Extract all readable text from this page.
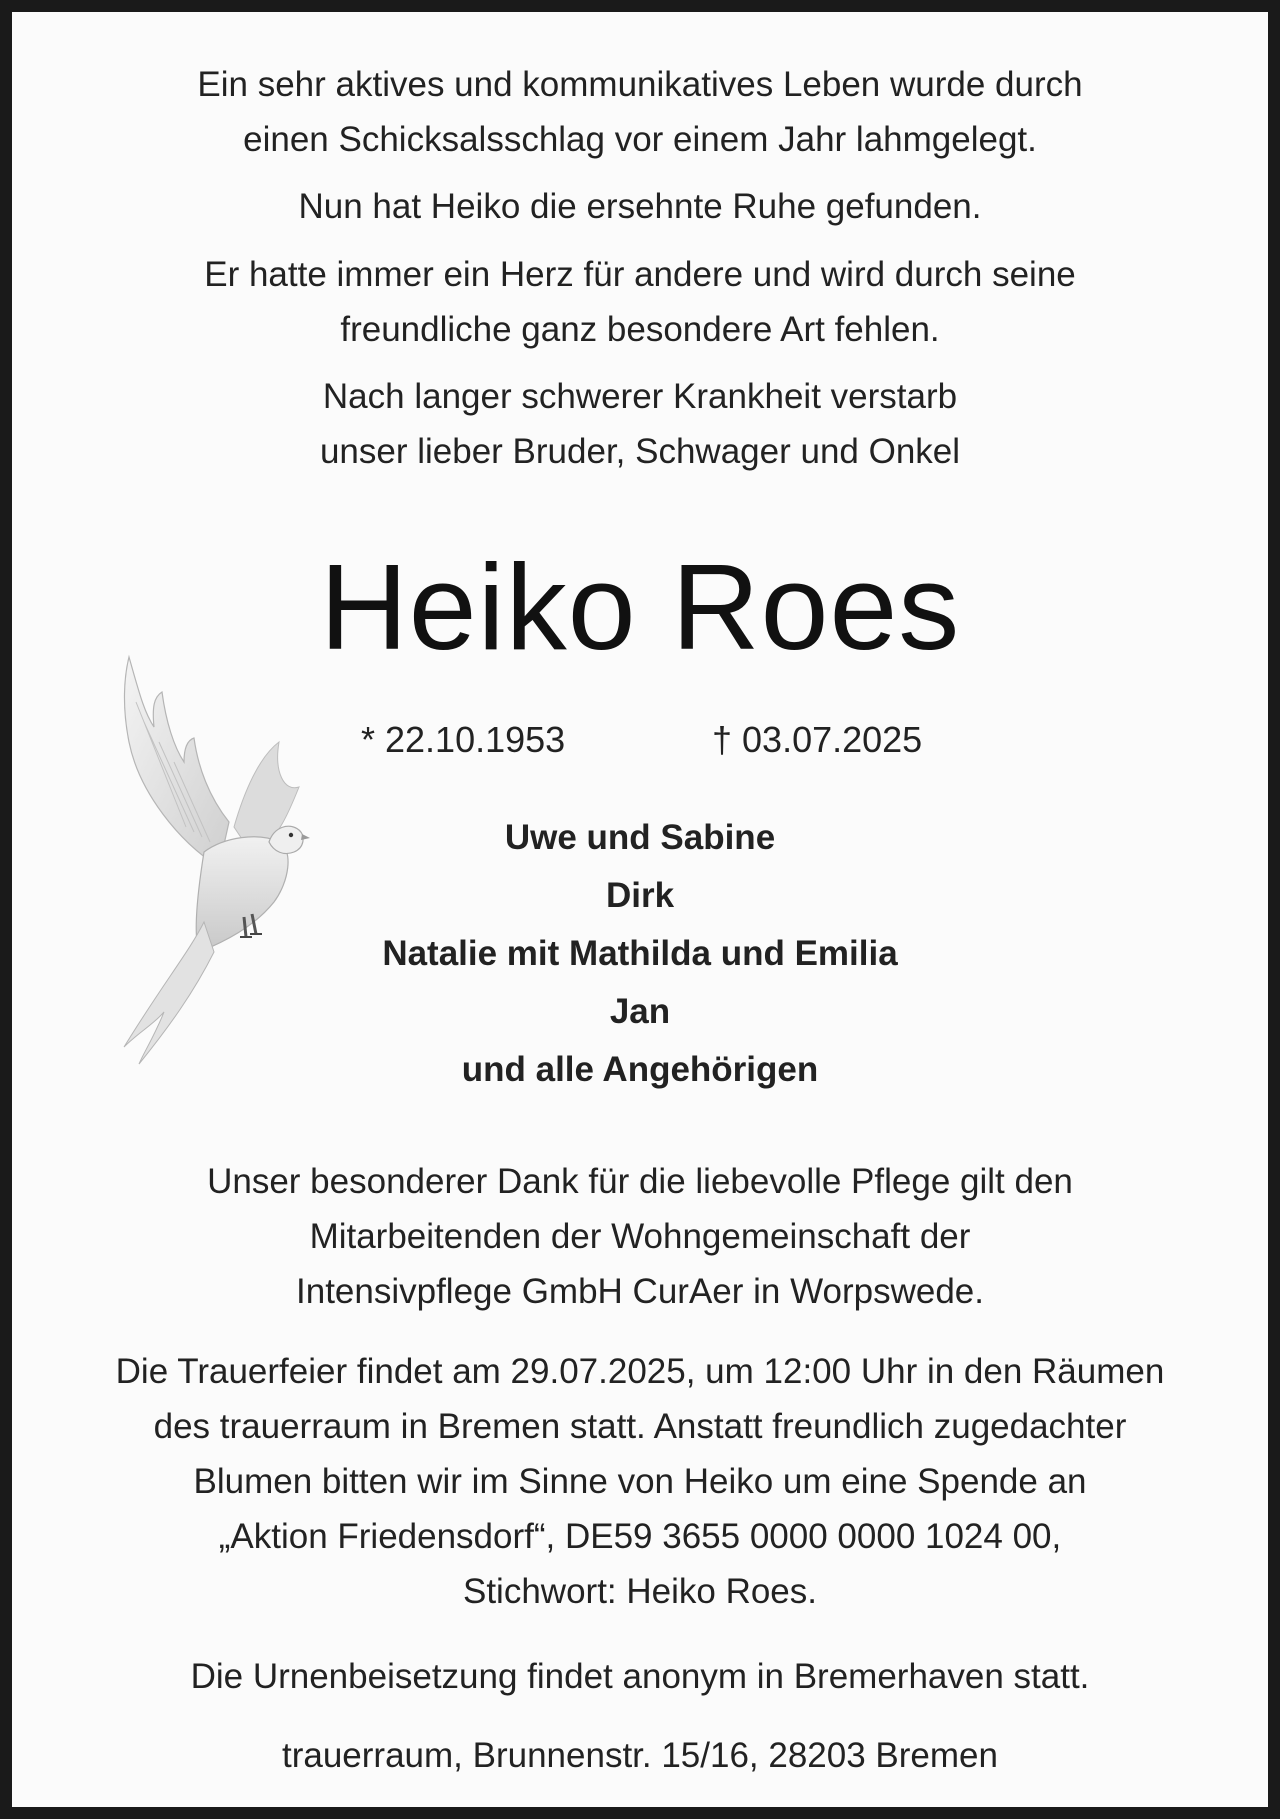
Ein sehr aktives und kommunikatives Leben wurde durch
einen Schicksalsschlag vor einem Jahr lahmgelegt.
Nun hat Heiko die ersehnte Ruhe gefunden.
Er hatte immer ein Herz für andere und wird durch seine
freundliche ganz besondere Art fehlen.
Nach langer schwerer Krankheit verstarb
unser lieber Bruder, Schwager und Onkel
Heiko Roes
* 22.10.1953	† 03.07.2025
Uwe und Sabine
Dirk
Natalie mit Mathilda und Emilia
Jan
und alle Angehörigen
Unser besonderer Dank für die liebevolle Pflege gilt den
Mitarbeitenden der Wohngemeinschaft der
Intensivpflege GmbH CurAer in Worpswede.
Die Trauerfeier findet am 29.07.2025, um 12:00 Uhr in den Räumen
des trauerraum in Bremen statt. Anstatt freundlich zugedachter
Blumen bitten wir im Sinne von Heiko um eine Spende an
„Aktion Friedensdorf“, DE59 3655 0000 0000 1024 00,
Stichwort: Heiko Roes.
Die Urnenbeisetzung findet anonym in Bremerhaven statt.
trauerraum, Brunnenstr. 15/16, 28203 Bremen
